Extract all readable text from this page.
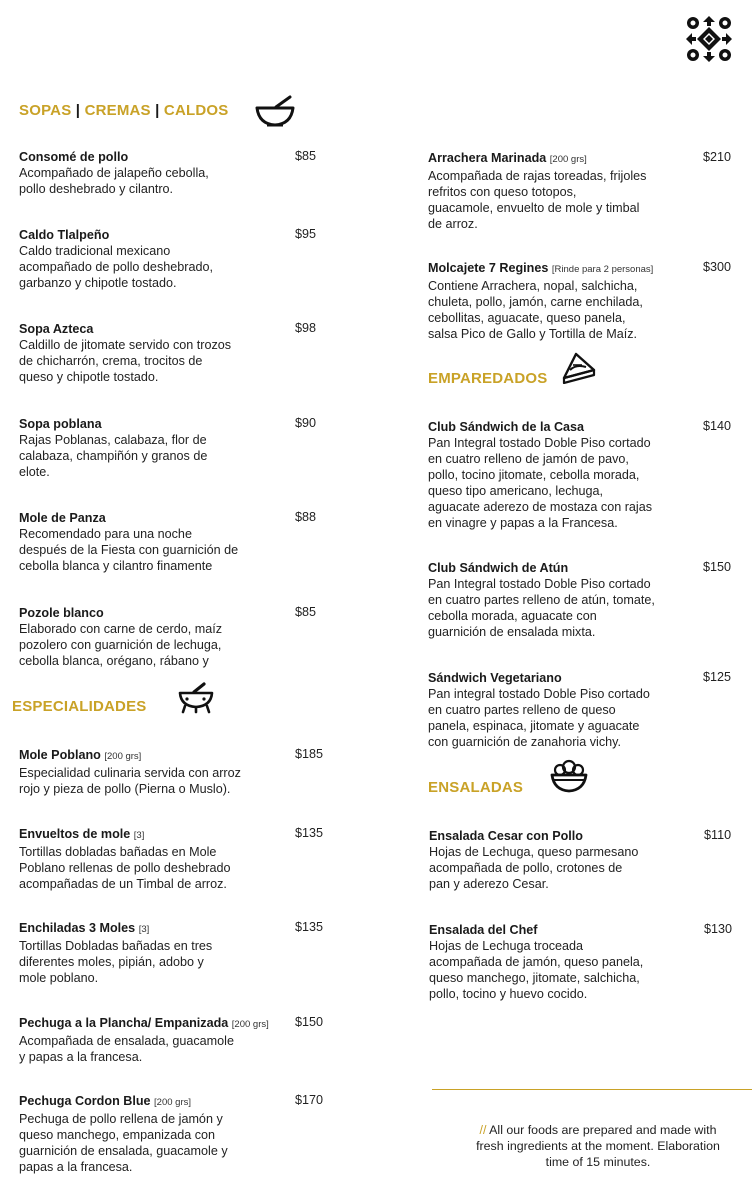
SOPAS | CREMAS | CALDOS
ESPECIALIDADES
EMPAREDADOS
ENSALADAS
Consomé de pollo
Acompañado de jalapeño cebolla,
pollo deshebrado y cilantro.
$85
Caldo Tlalpeño
Caldo tradicional mexicano
acompañado de pollo deshebrado,
garbanzo y chipotle tostado.
$95
Sopa Azteca
Caldillo de jitomate servido con trozos
de chicharrón, crema, trocitos de
queso y chipotle tostado.
$98
Sopa poblana
Rajas Poblanas, calabaza, flor de
calabaza, champiñón y granos de
elote.
$90
Mole de Panza
Recomendado para una noche
después de la Fiesta con guarnición de
cebolla blanca y cilantro finamente
$88
Pozole blanco
Elaborado con carne de cerdo, maíz
pozolero con guarnición de lechuga,
cebolla blanca, orégano, rábano y
$85
Mole Poblano [200 grs]
Especialidad culinaria servida con arroz
rojo y pieza de pollo (Pierna o Muslo).
$185
Envueltos de mole [3]
Tortillas dobladas bañadas en Mole
Poblano rellenas de pollo deshebrado
acompañadas de un Timbal de arroz.
$135
Enchiladas 3 Moles [3]
Tortillas Dobladas bañadas en tres
diferentes moles, pipián, adobo y
mole poblano.
$135
Pechuga a la Plancha/ Empanizada [200 grs]
Acompañada de ensalada, guacamole
y papas a la francesa.
$150
Pechuga Cordon Blue [200 grs]
Pechuga de pollo rellena de jamón y
queso manchego, empanizada con
guarnición de ensalada, guacamole y
papas a la francesa.
$170
Arrachera Marinada [200 grs]
Acompañada de rajas toreadas, frijoles
refritos con queso totopos,
guacamole, envuelto de mole y timbal
de arroz.
$210
Molcajete 7 Regines [Rinde para 2 personas]
Contiene Arrachera, nopal, salchicha,
chuleta, pollo, jamón, carne enchilada,
cebollitas, aguacate, queso panela,
salsa Pico de Gallo y Tortilla de Maíz.
$300
Club Sándwich de la Casa
Pan Integral tostado Doble Piso cortado
en cuatro relleno de jamón de pavo,
pollo, tocino jitomate, cebolla morada,
queso tipo americano, lechuga,
aguacate aderezo de mostaza con rajas
en vinagre y papas a la Francesa.
$140
Club Sándwich de Atún
Pan Integral tostado Doble Piso cortado
en cuatro partes relleno de atún, tomate,
cebolla morada, aguacate con
guarnición de ensalada mixta.
$150
Sándwich Vegetariano
Pan integral tostado Doble Piso cortado
en cuatro partes relleno de queso
panela, espinaca, jitomate y aguacate
con guarnición de zanahoria vichy.
$125
Ensalada Cesar con Pollo
Hojas de Lechuga, queso parmesano
acompañada de pollo, crotones de
pan y aderezo Cesar.
$110
Ensalada del Chef
Hojas de Lechuga troceada
acompañada de jamón, queso panela,
queso manchego, jitomate, salchicha,
pollo, tocino y huevo cocido.
$130
// All our foods are prepared and made with
fresh ingredients at the moment. Elaboration
time of 15 minutes.
